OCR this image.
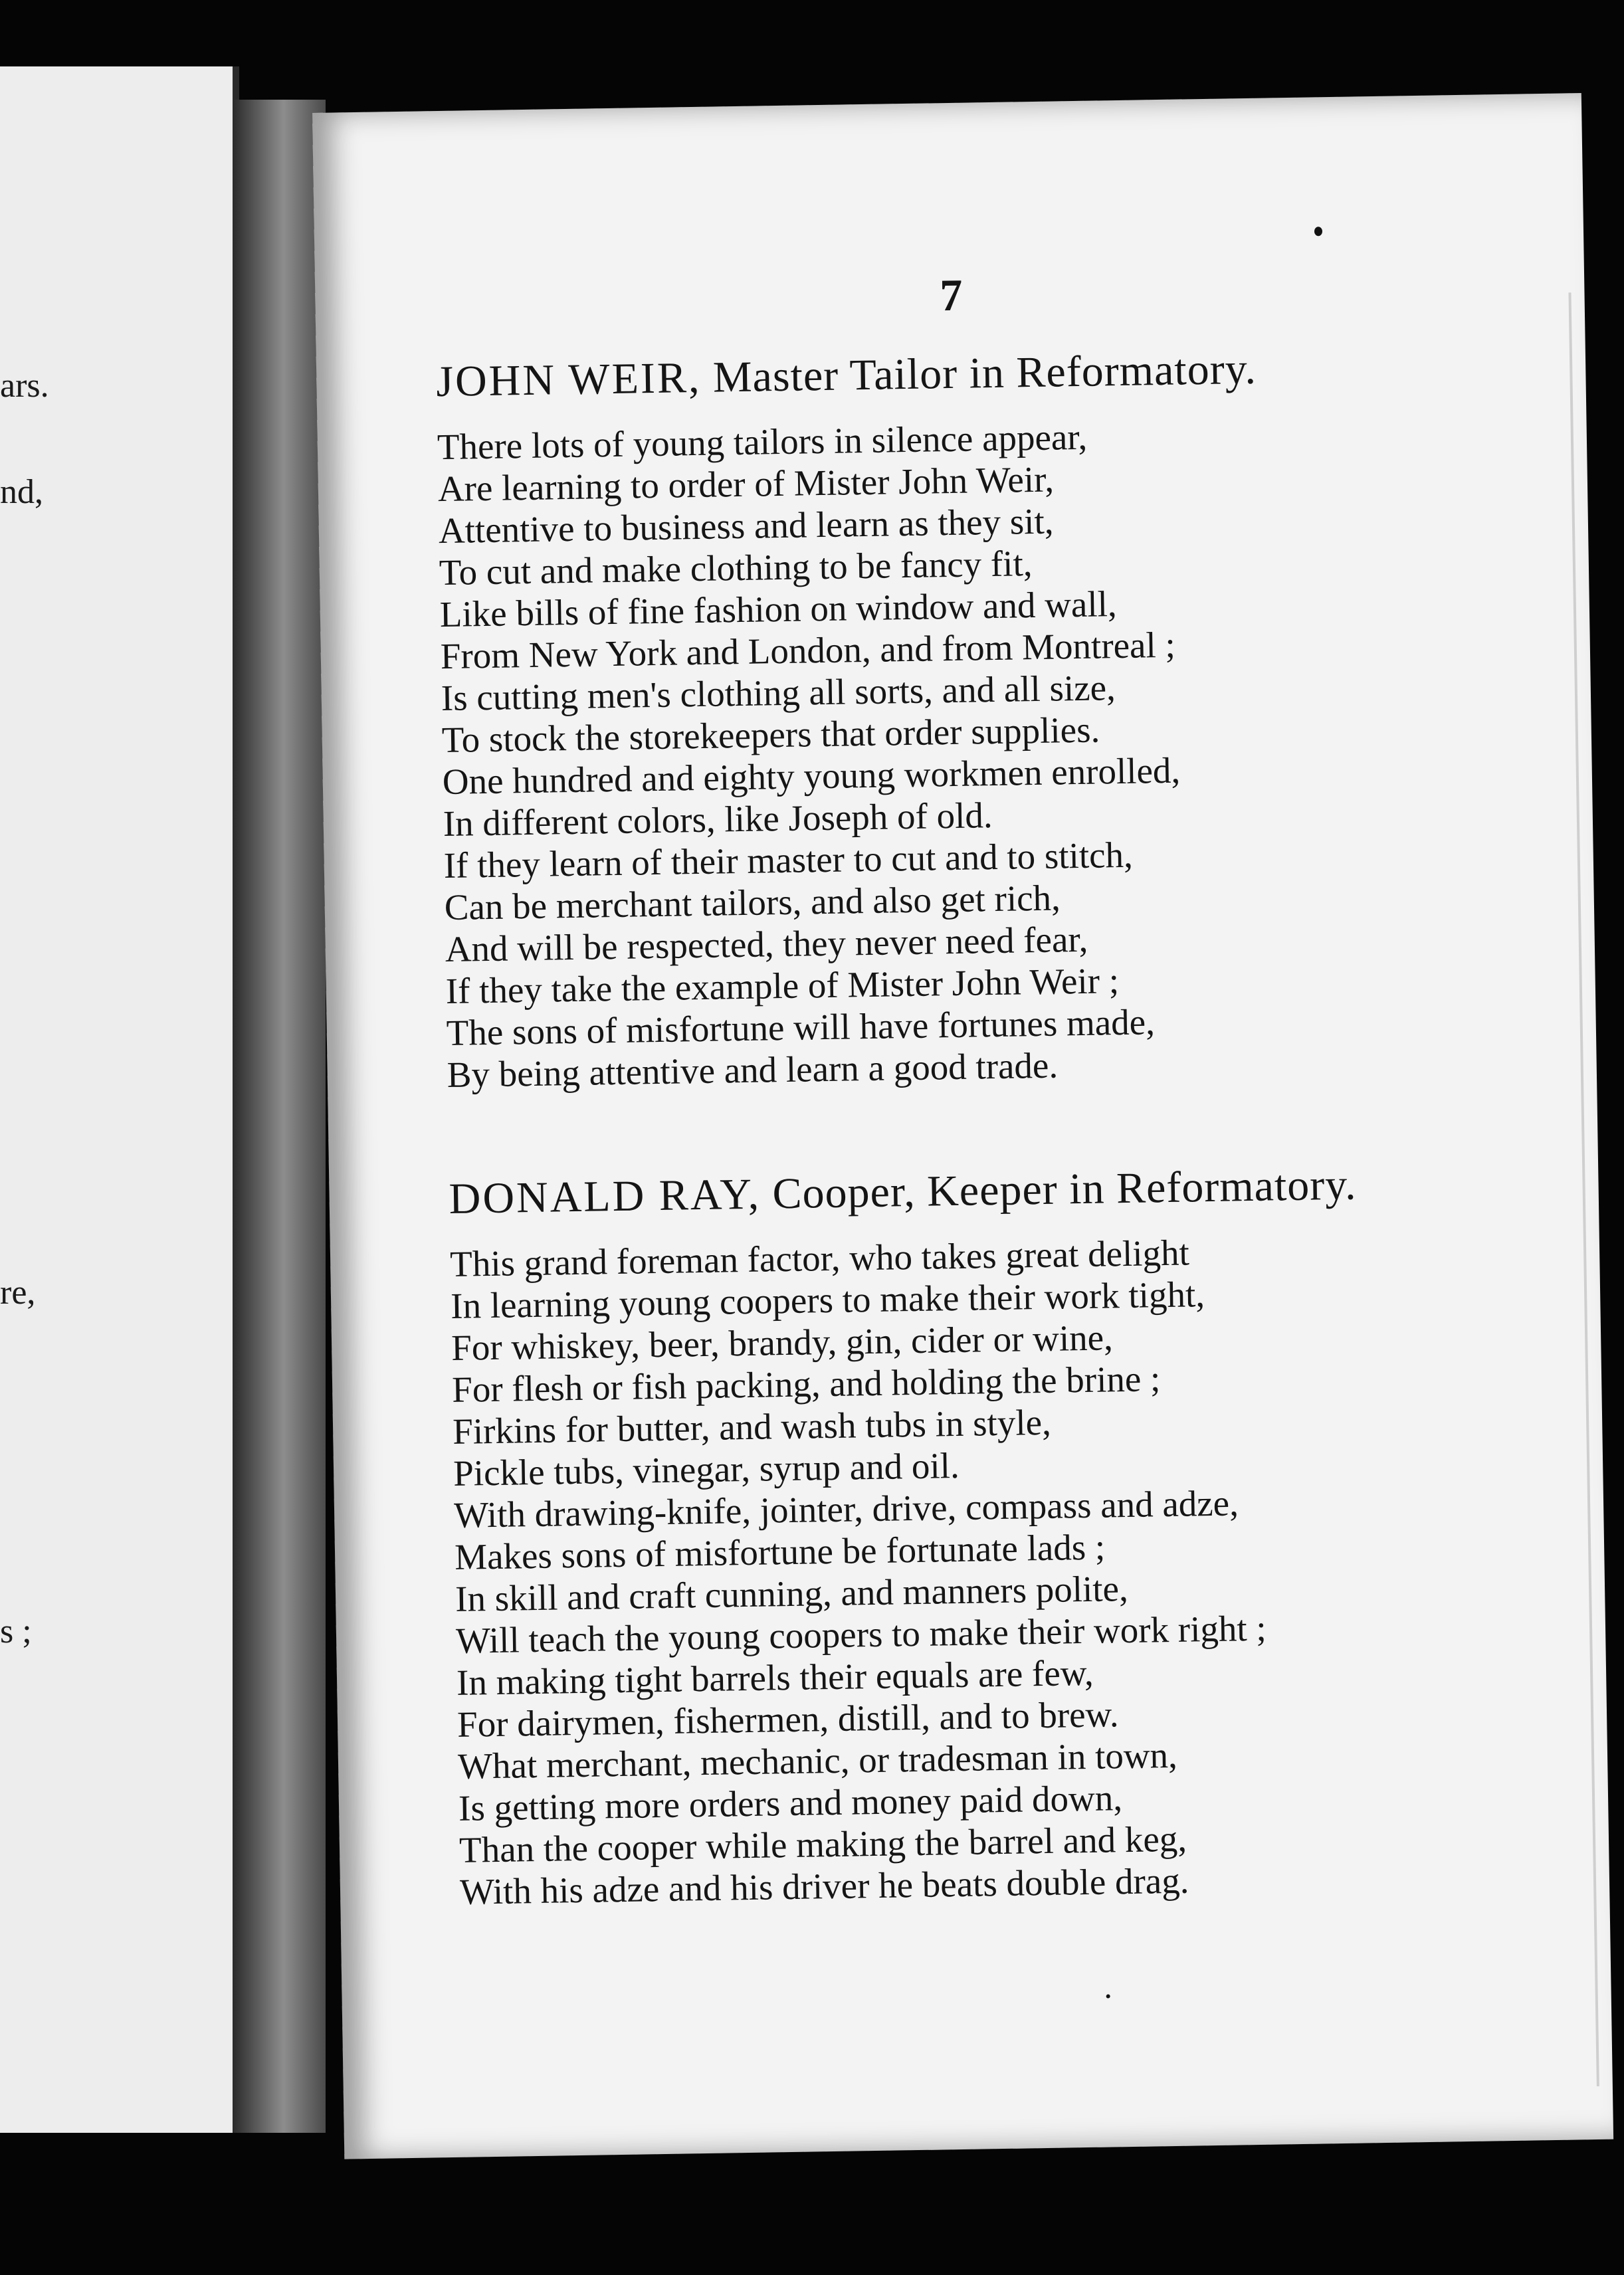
ars.
nd,
re,
s ;
7
JOHN WEIR, Master Tailor in Reformatory.
There lots of young tailors in silence appear,
Are learning to order of Mister John Weir,
Attentive to business and learn as they sit,
To cut and make clothing to be fancy fit,
Like bills of fine fashion on window and wall,
From New York and London, and from Montreal ;
Is cutting men's clothing all sorts, and all size,
To stock the storekeepers that order supplies.
One hundred and eighty young workmen enrolled,
In different colors, like Joseph of old.
If they learn of their master to cut and to stitch,
Can be merchant tailors, and also get rich,
And will be respected, they never need fear,
If they take the example of Mister John Weir ;
The sons of misfortune will have fortunes made,
By being attentive and learn a good trade.
DONALD RAY, Cooper, Keeper in Reformatory.
This grand foreman factor, who takes great delight
In learning young coopers to make their work tight,
For whiskey, beer, brandy, gin, cider or wine,
For flesh or fish packing, and holding the brine ;
Firkins for butter, and wash tubs in style,
Pickle tubs, vinegar, syrup and oil.
With drawing-knife, jointer, drive, compass and adze,
Makes sons of misfortune be fortunate lads ;
In skill and craft cunning, and manners polite,
Will teach the young coopers to make their work right ;
In making tight barrels their equals are few,
For dairymen, fishermen, distill, and to brew.
What merchant, mechanic, or tradesman in town,
Is getting more orders and money paid down,
Than the cooper while making the barrel and keg,
With his adze and his driver he beats double drag.
